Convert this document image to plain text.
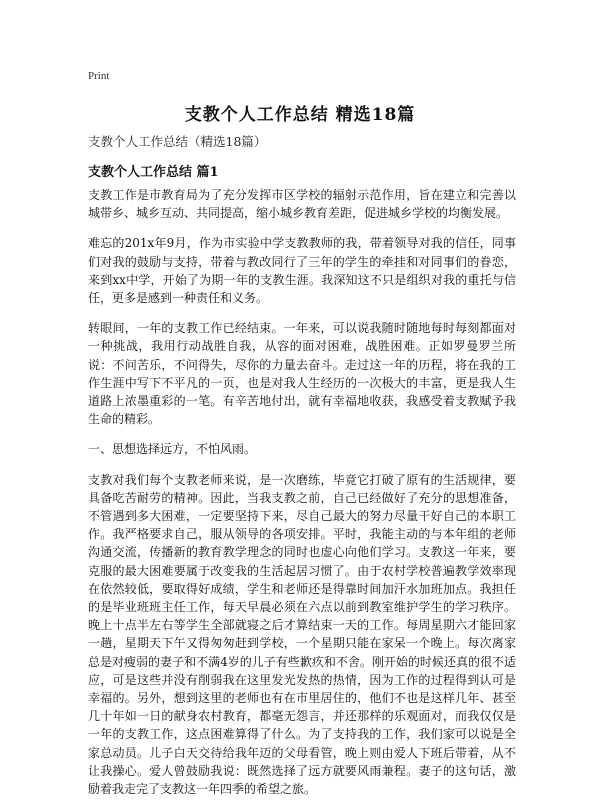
Print
支教个人工作总结 精选18篇
支教个人工作总结（精选18篇）
支教个人工作总结 篇1

支教工作是市教育局为了充分发挥市区学校的辐射示范作用，旨在建立和完善以城带乡、城乡互动、共同提高，缩小城乡教育差距，促进城乡学校的均衡发展。

难忘的201x年9月，作为市实验中学支教教师的我，带着领导对我的信任，同事们对我的鼓励与支持，带着与教改同行了三年的学生的牵挂和对同事们的眷恋，来到xx中学，开始了为期一年的支教生涯。我深知这不只是组织对我的重托与信任，更多是感到一种责任和义务。

转眼间，一年的支教工作已经结束。一年来，可以说我随时随地每时每刻都面对一种挑战，我用行动战胜自我，从容的面对困难，战胜困难。正如罗曼罗兰所说：不问苦乐，不问得失，尽你的力量去奋斗。走过这一年的历程，将在我的工作生涯中写下不平凡的一页，也是对我人生经历的一次极大的丰富，更是我人生道路上浓墨重彩的一笔。有辛苦地付出，就有幸福地收获，我感受着支教赋予我生命的精彩。

一、思想选择远方，不怕风雨。

支教对我们每个支教老师来说，是一次磨练，毕竟它打破了原有的生活规律，要具备吃苦耐劳的精神。因此，当我支教之前，自己已经做好了充分的思想准备，不管遇到多大困难，一定要坚持下来，尽自己最大的努力尽量干好自己的本职工作。我严格要求自己，服从领导的各项安排。平时，我能主动的与本年组的老师沟通交流，传播新的教育教学理念的同时也虚心向他们学习。支教这一年来，要克服的最大困难要属于改变我的生活起居习惯了。由于农村学校普遍教学效率现在依然较低，要取得好成绩，学生和老师还是得靠时间加汗水加班加点。我担任的是毕业班班主任工作，每天早晨必须在六点以前到教室维护学生的学习秩序。晚上十点半左右等学生全部就寝之后才算结束一天的工作。每周星期六才能回家一趟，星期天下午又得匆匆赶到学校，一个星期只能在家呆一个晚上。每次离家总是对瘦弱的妻子和不满4岁的儿子有些歉疚和不舍。刚开始的时候还真的很不适应，可是这些并没有削弱我在这里发光发热的热情，因为工作的过程得到认可是幸福的。另外，想到这里的老师也有在市里居住的，他们不也是这样几年、甚至几十年如一日的献身农村教育，都毫无怨言，并还那样的乐观面对，而我仅仅是一年的支教工作，这点困难算得了什么。为了支持我的工作，我们家可以说是全家总动员。儿子白天交待给我年迈的父母看管，晚上则由爱人下班后带着，从不让我操心。爱人曾鼓励我说：既然选择了远方就要风雨兼程。妻子的这句话，激励着我走完了支教这一年四季的希望之旅。
